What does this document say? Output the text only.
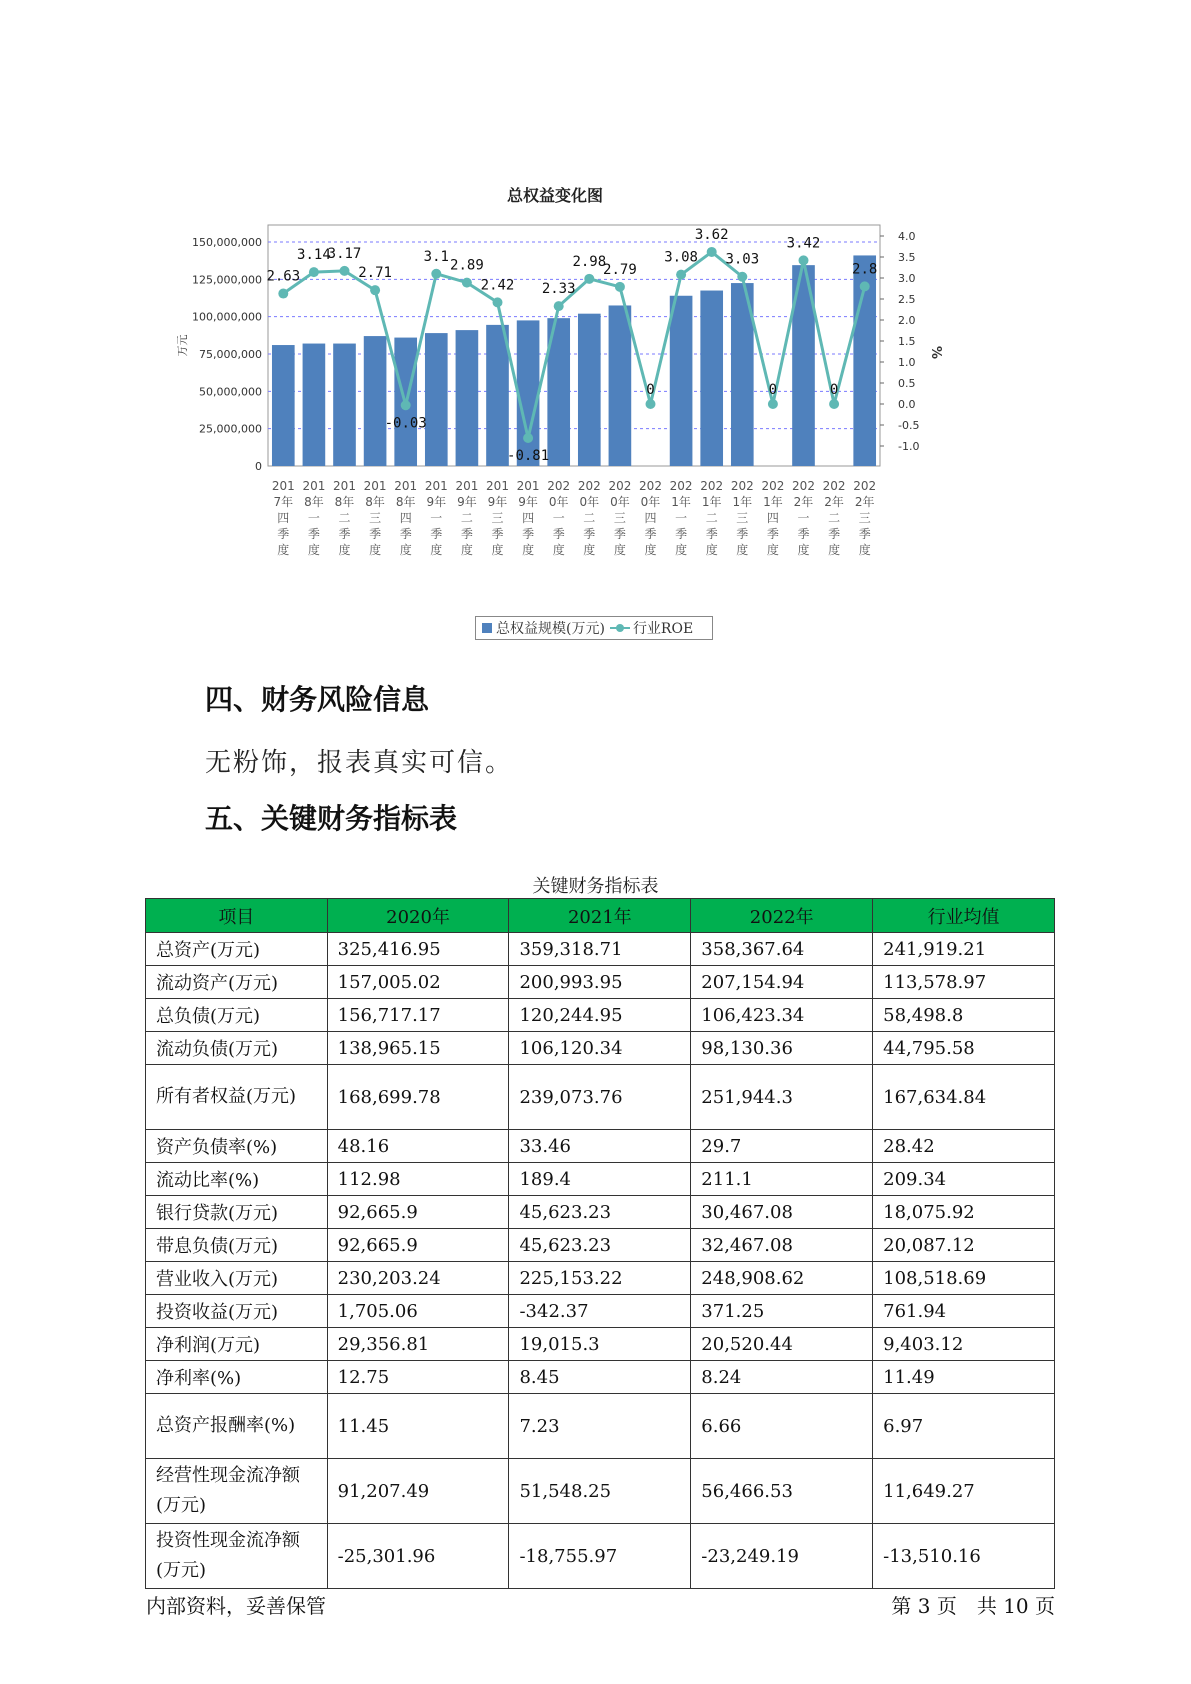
总权益变化图
0
25,000,000
50,000,000
75,000,000
100,000,000
125,000,000
150,000,000
-1.0
-0.5
0.0
0.5
1.0
1.5
2.0
2.5
3.0
3.5
4.0
万元	%
2.63
3.14
3.17
2.71
-0.03
3.1
2.89
2.42
-0.81
2.33
2.98
2.79
0
3.08
3.62
3.03
0
3.42
0
2.8
201
7年
四
季
度
201
8年
一
季
度
201
8年
二
季
度
201
8年
三
季
度
201
8年
四
季
度
201
9年
一
季
度
201
9年
二
季
度
201
9年
三
季
度
201
9年
四
季
度
202
0年
一
季
度
202
0年
二
季
度
202
0年
三
季
度
202
0年
四
季
度
202
1年
一
季
度
202
1年
二
季
度
202
1年
三
季
度
202
1年
四
季
度
202
2年
一
季
度
202
2年
二
季
度
202
2年
三
季
度
总权益规模(万元) 行业ROE
四、财务风险信息

无粉饰，报表真实可信。

五、关键财务指标表
关键财务指标表
项目	2020年	2021年	2022年	行业均值
总资产(万元)	325,416.95	359,318.71	358,367.64	241,919.21
流动资产(万元)	157,005.02	200,993.95	207,154.94	113,578.97
总负债(万元)	156,717.17	120,244.95	106,423.34	58,498.8
流动负债(万元)	138,965.15	106,120.34	98,130.36	44,795.58
所有者权益(万元)	168,699.78	239,073.76	251,944.3	167,634.84
资产负债率(%)	48.16	33.46	29.7	28.42
流动比率(%)	112.98	189.4	211.1	209.34
银行贷款(万元)	92,665.9	45,623.23	30,467.08	18,075.92
带息负债(万元)	92,665.9	45,623.23	32,467.08	20,087.12
营业收入(万元)	230,203.24	225,153.22	248,908.62	108,518.69
投资收益(万元)	1,705.06	-342.37	371.25	761.94
净利润(万元)	29,356.81	19,015.3	20,520.44	9,403.12
净利率(%)	12.75	8.45	8.24	11.49
总资产报酬率(%)	11.45	7.23	6.66	6.97
经营性现金流净额(万元)	91,207.49	51,548.25	56,466.53	11,649.27
投资性现金流净额(万元)	-25,301.96	-18,755.97	-23,249.19	-13,510.16
内部资料，妥善保管	第 3 页　共 10 页
